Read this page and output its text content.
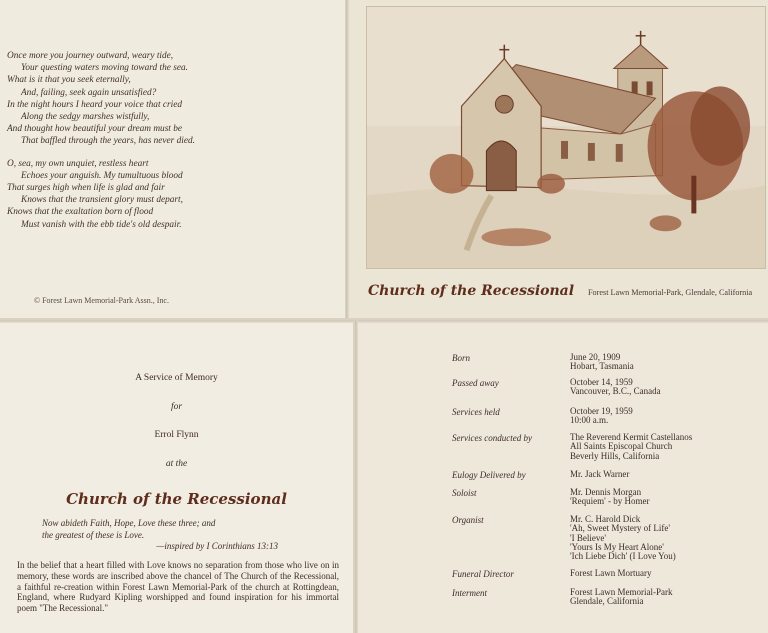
Once more you journey outward, weary tide,
Your questing waters moving toward the sea.
What is it that you seek eternally,
And, failing, seek again unsatisfied?
In the night hours I heard your voice that cried
Along the sedgy marshes wistfully,
And thought how beautiful your dream must be
That baffled through the years, has never died.
O, sea, my own unquiet, restless heart
Echoes your anguish. My tumultuous blood
That surges high when life is glad and fair
Knows that the transient glory must depart,
Knows that the exaltation born of flood
Must vanish with the ebb tide's old despair.
© Forest Lawn Memorial-Park Assn., Inc.
Church of the Recessional Forest Lawn Memorial-Park, Glendale, California
A Service of Memory
for
Errol Flynn
at the
Church of the Recessional
Now abideth Faith, Hope, Love these three; and
the greatest of these is Love.
—inspired by I Corinthians 13:13
In the belief that a heart filled with Love knows no separation from those who live on in memory, these words are inscribed above the chancel of The Church of the Recessional, a faithful re-creation within Forest Lawn Memorial-Park of the church at Rottingdean, England, where Rudyard Kipling worshipped and found inspiration for his immortal poem "The Recessional."
Born	June 20, 1909
Hobart, Tasmania
Passed away	October 14, 1959
Vancouver, B.C., Canada
Services held	October 19, 1959
10:00 a.m.
Services conducted by	The Reverend Kermit Castellanos
All Saints Episcopal Church
Beverly Hills, California
Eulogy Delivered by	Mr. Jack Warner
Soloist	Mr. Dennis Morgan
'Requiem' - by Homer
Organist	Mr. C. Harold Dick
'Ah, Sweet Mystery of Life'
'I Believe'
'Yours Is My Heart Alone'
'Ich Liebe Dich' (I Love You)
Funeral Director	Forest Lawn Mortuary
Interment	Forest Lawn Memorial-Park
Glendale, California
